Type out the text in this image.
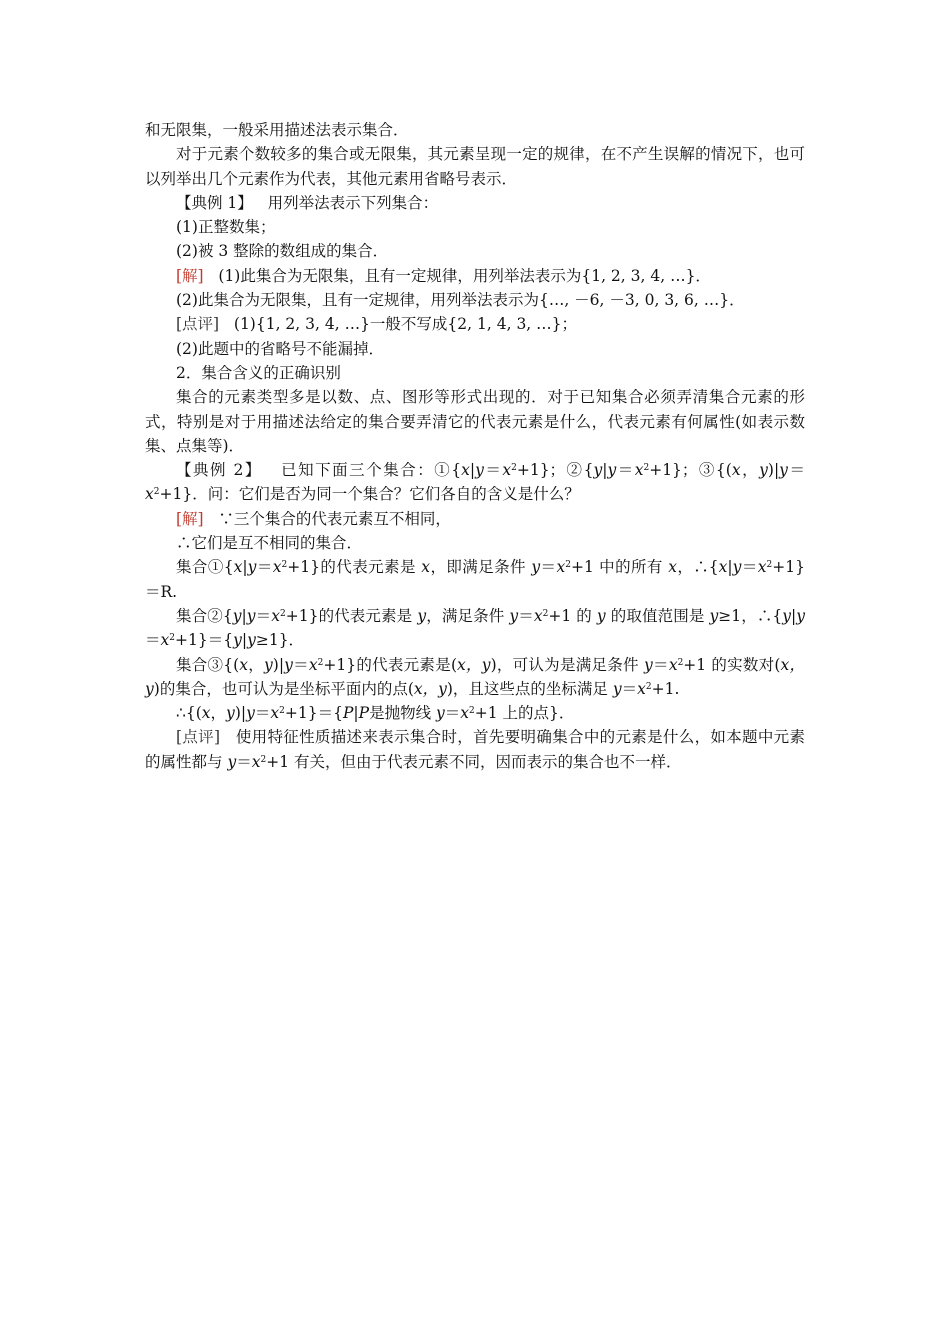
和无限集，一般采用描述法表示集合．
对于元素个数较多的集合或无限集，其元素呈现一定的规律，在不产生误解的情况下，也可以列举出几个元素作为代表，其他元素用省略号表示．
【典例 1】 用列举法表示下列集合：
(1)正整数集；
(2)被 3 整除的数组成的集合．
[解] (1)此集合为无限集，且有一定规律，用列举法表示为{1, 2, 3, 4, …}．
(2)此集合为无限集，且有一定规律，用列举法表示为{…, －6, －3, 0, 3, 6, …}．
[点评] (1){1, 2, 3, 4, …}一般不写成{2, 1, 4, 3, …}；
(2)此题中的省略号不能漏掉．
2．集合含义的正确识别
集合的元素类型多是以数、点、图形等形式出现的．对于已知集合必须弄清集合元素的形式，特别是对于用描述法给定的集合要弄清它的代表元素是什么，代表元素有何属性(如表示数集、点集等)．
【典例 2】 已知下面三个集合：$①\{x|y=x^2+1\}$；$②\{y|y=x^2+1\}$；③{(x，$y)|y=x^2+1$}．问：它们是否为同一个集合？它们各自的含义是什么？
[解] ∵三个集合的代表元素互不相同，
∴它们是互不相同的集合．
集合$①\{x|y=x^2+1\}$的代表元素是 x，即满足条件 $y=x^2+1$ 中的所有 x，$\therefore\{x|y=x^2+1\}=R$.
集合$②\{y|y=x^2+1\}$的代表元素是 y，满足条件 $y=x^2+1$ 的 y 的取值范围是 y≥1，$\therefore\{y|y=x^2+1\}=\{y|y\ge 1\}$．
集合③{(x，$y)|y=x^2+1$}的代表元素是(x，y)，可认为是满足条件 $y=x^2+1$ 的实数对(x，y)的集合，也可认为是坐标平面内的点(x，y)，且这些点的坐标满足 $y=x^2+1$.
∴{(x，$y)|y=x^2+1\}=\{P|P$是抛物线 $y=x^2+1$ 上的点}．
[点评] 使用特征性质描述来表示集合时，首先要明确集合中的元素是什么，如本题中元素的属性都与 $y=x^2+1$ 有关，但由于代表元素不同，因而表示的集合也不一样．
